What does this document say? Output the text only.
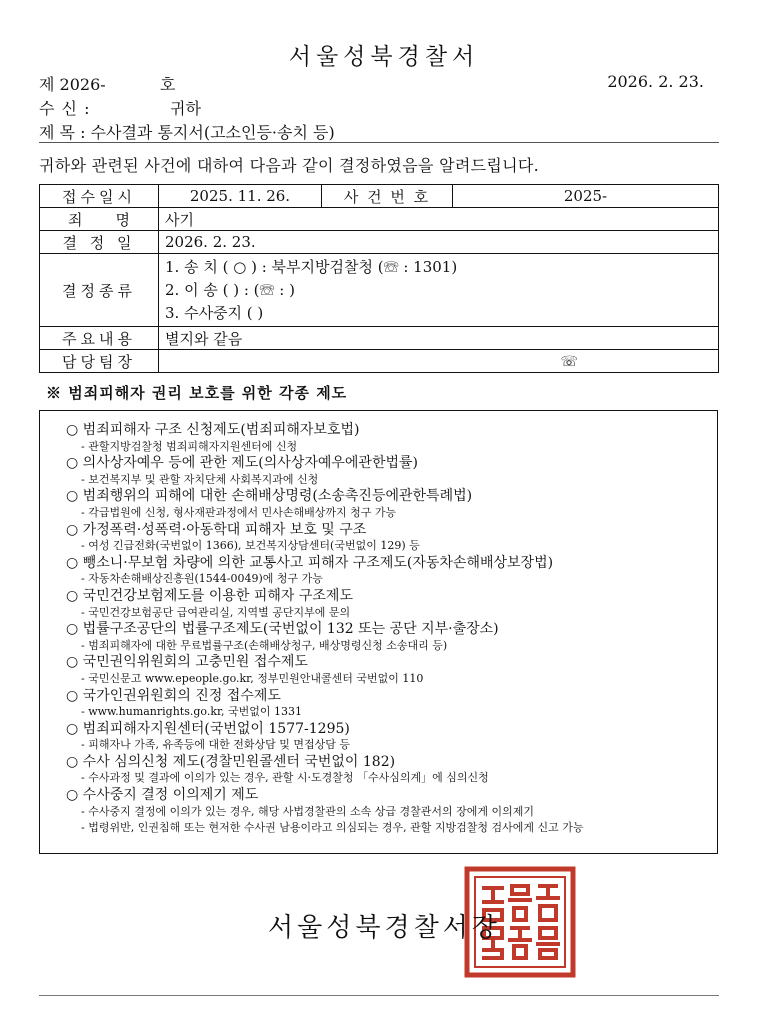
서울성북경찰서
제 2026-	호	2026. 2. 23.
수 신 :	귀하
제 목 : 수사결과 통지서(고소인등·송치 등)
귀하와 관련된 사건에 대하여 다음과 같이 결정하였음을 알려드립니다.
접수일시	2025. 11. 26.	사 건 번 호	2025-
죄 명	사기		
결 정 일	2026. 2. 23.		
결정종류	1. 송 치 ( ○ ) : 북부지방검찰청 (☏ : 1301)
2. 이 송 ( ) : (☏ : )
3. 수사중지 ( )		

주요내용	별지와 같음		
담당팀장	☏		
※ 범죄피해자 권리 보호를 위한 각종 제도
○ 범죄피해자 구조 신청제도(범죄피해자보호법)
- 관할지방검찰청 범죄피해자지원센터에 신청
○ 의사상자예우 등에 관한 제도(의사상자예우에관한법률)
- 보건복지부 및 관할 자치단체 사회복지과에 신청
○ 범죄행위의 피해에 대한 손해배상명령(소송촉진등에관한특례법)
- 각급법원에 신청, 형사재판과정에서 민사손해배상까지 청구 가능
○ 가정폭력·성폭력·아동학대 피해자 보호 및 구조
- 여성 긴급전화(국번없이 1366), 보건복지상담센터(국번없이 129) 등
○ 뺑소니·무보험 차량에 의한 교통사고 피해자 구조제도(자동차손해배상보장법)
- 자동차손해배상진흥원(1544-0049)에 청구 가능
○ 국민건강보험제도를 이용한 피해자 구조제도
- 국민건강보험공단 급여관리실, 지역별 공단지부에 문의
○ 법률구조공단의 법률구조제도(국번없이 132 또는 공단 지부·출장소)
- 범죄피해자에 대한 무료법률구조(손해배상청구, 배상명령신청 소송대리 등)
○ 국민권익위원회의 고충민원 접수제도
- 국민신문고 www.epeople.go.kr, 정부민원안내콜센터 국번없이 110
○ 국가인권위원회의 진정 접수제도
- www.humanrights.go.kr, 국번없이 1331
○ 범죄피해자지원센터(국번없이 1577-1295)
- 피해자나 가족, 유족등에 대한 전화상담 및 면접상담 등
○ 수사 심의신청 제도(경찰민원콜센터 국번없이 182)
- 수사과정 및 결과에 이의가 있는 경우, 관할 시·도경찰청 「수사심의계」에 심의신청
○ 수사중지 결정 이의제기 제도
- 수사중지 결정에 이의가 있는 경우, 해당 사법경찰관의 소속 상급 경찰관서의 장에게 이의제기
- 법령위반, 인권침해 또는 현저한 수사권 남용이라고 의심되는 경우, 관할 지방검찰청 검사에게 신고 가능
서울성북경찰서장
